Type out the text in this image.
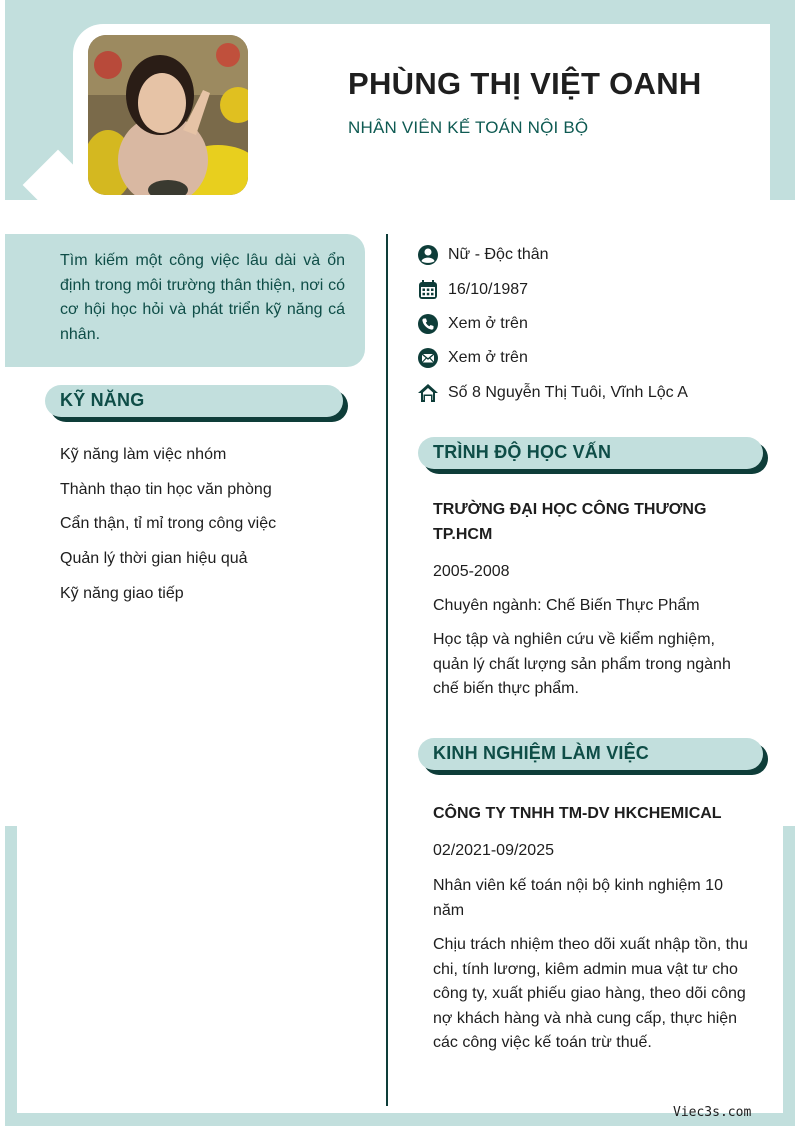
PHÙNG THỊ VIỆT OANH
NHÂN VIÊN KẾ TOÁN NỘI BỘ
Tìm kiếm một công việc lâu dài và ổn định trong môi trường thân thiện, nơi có cơ hội học hỏi và phát triển kỹ năng cá nhân.
KỸ NĂNG
Kỹ năng làm việc nhóm
Thành thạo tin học văn phòng
Cẩn thận, tỉ mỉ trong công việc
Quản lý thời gian hiệu quả
Kỹ năng giao tiếp
Nữ - Độc thân
16/10/1987
Xem ở trên
Xem ở trên
Số 8 Nguyễn Thị Tuôi, Vĩnh Lộc A
TRÌNH ĐỘ HỌC VẤN
TRƯỜNG ĐẠI HỌC CÔNG THƯƠNG TP.HCM
2005-2008
Chuyên ngành: Chế Biến Thực Phẩm
Học tập và nghiên cứu về kiểm nghiệm, quản lý chất lượng sản phẩm trong ngành chế biến thực phẩm.
KINH NGHIỆM LÀM VIỆC
CÔNG TY TNHH TM-DV HKCHEMICAL
02/2021-09/2025
Nhân viên kế toán nội bộ kinh nghiệm 10 năm
Chịu trách nhiệm theo dõi xuất nhập tồn, thu chi, tính lương, kiêm admin mua vật tư cho công ty, xuất phiếu giao hàng, theo dõi công nợ khách hàng và nhà cung cấp, thực hiện các công việc kế toán trừ thuế.
Viec3s.com
